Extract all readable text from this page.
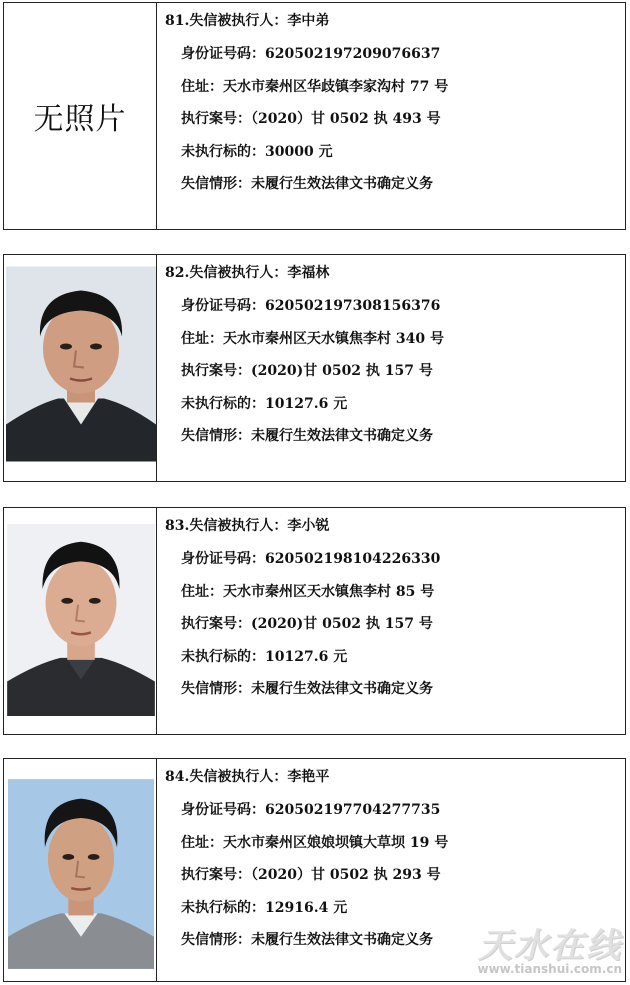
无照片
81.失信被执行人：李中弟
身份证号码：620502197209076637
住址：天水市秦州区华歧镇李家沟村 77 号
执行案号：（2020）甘 0502 执 493 号
未执行标的：30000 元
失信情形：未履行生效法律文书确定义务
82.失信被执行人：李福林
身份证号码：620502197308156376
住址：天水市秦州区天水镇焦李村 340 号
执行案号：(2020)甘 0502 执 157 号
未执行标的：10127.6 元
失信情形：未履行生效法律文书确定义务
83.失信被执行人：李小锐
身份证号码：620502198104226330
住址：天水市秦州区天水镇焦李村 85 号
执行案号：(2020)甘 0502 执 157 号
未执行标的：10127.6 元
失信情形：未履行生效法律文书确定义务
84.失信被执行人：李艳平
身份证号码：620502197704277735
住址：天水市秦州区娘娘坝镇大草坝 19 号
执行案号：（2020）甘 0502 执 293 号
未执行标的：12916.4 元
失信情形：未履行生效法律文书确定义务 天水在线
www.tianshui.com.cn
